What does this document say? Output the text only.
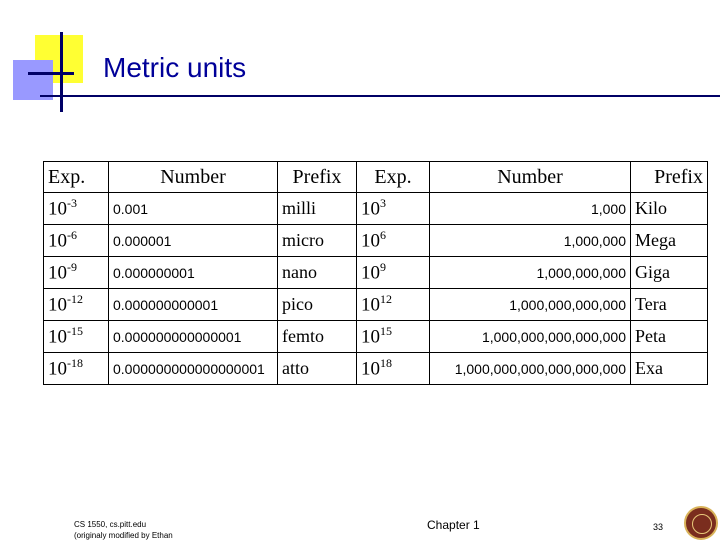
Metric units
Exp.	Number	Prefix	Exp.	Number	Prefix
$10^{-3}$	0.001	milli	$10^3$	1,000	Kilo
$10^{-6}$	0.000001	micro	$10^6$	1,000,000	Mega
$10^{-9}$	0.000000001	nano	$10^9$	1,000,000,000	Giga
$10^{-12}$	0.000000000001	pico	$10^{12}$	1,000,000,000,000	Tera
$10^{-15}$	0.000000000000001	femto	$10^{15}$	1,000,000,000,000,000	Peta
$10^{-18}$	0.000000000000000001	atto	$10^{18}$	1,000,000,000,000,000,000	Exa
CS 1550, cs.pitt.edu
(originaly modified by Ethan
Chapter 1	33
